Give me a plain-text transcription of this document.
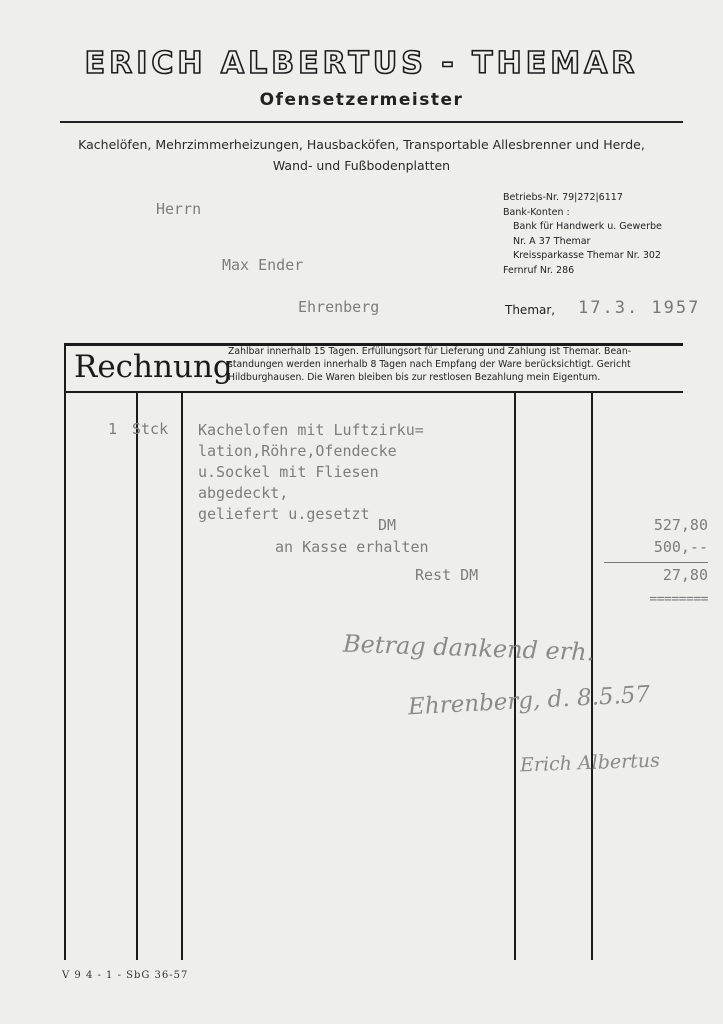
ERICH ALBERTUS - THEMAR
Ofensetzermeister
Kachelöfen, Mehrzimmerheizungen, Hausbacköfen, Transportable Allesbrenner und Herde,
Wand- und Fußbodenplatten
Herrn
Max Ender
Ehrenberg
Betriebs-Nr. 79|272|6117
Bank-Konten :
Bank für Handwerk u. Gewerbe
Nr. A 37 Themar
Kreissparkasse Themar Nr. 302
Fernruf Nr. 286
Themar, 17.3. 1957
Rechnung
Zahlbar innerhalb 15 Tagen. Erfüllungsort für Lieferung und Zahlung ist Themar. Bean-
standungen werden innerhalb 8 Tagen nach Empfang der Ware berücksichtigt. Gericht
Hildburghausen. Die Waren bleiben bis zur restlosen Bezahlung mein Eigentum.
1 Stck Kachelofen mit Luftzirku=
lation,Röhre,Ofendecke
u.Sockel mit Fliesen
abgedeckt,
geliefert u.gesetzt
DM	527,80
an Kasse erhalten	500,--
Rest DM	27,80
========
Betrag dankend erh.
Ehrenberg, d. 8.5.57
Erich Albertus
V 9 4 - 1 - SbG 36-57
